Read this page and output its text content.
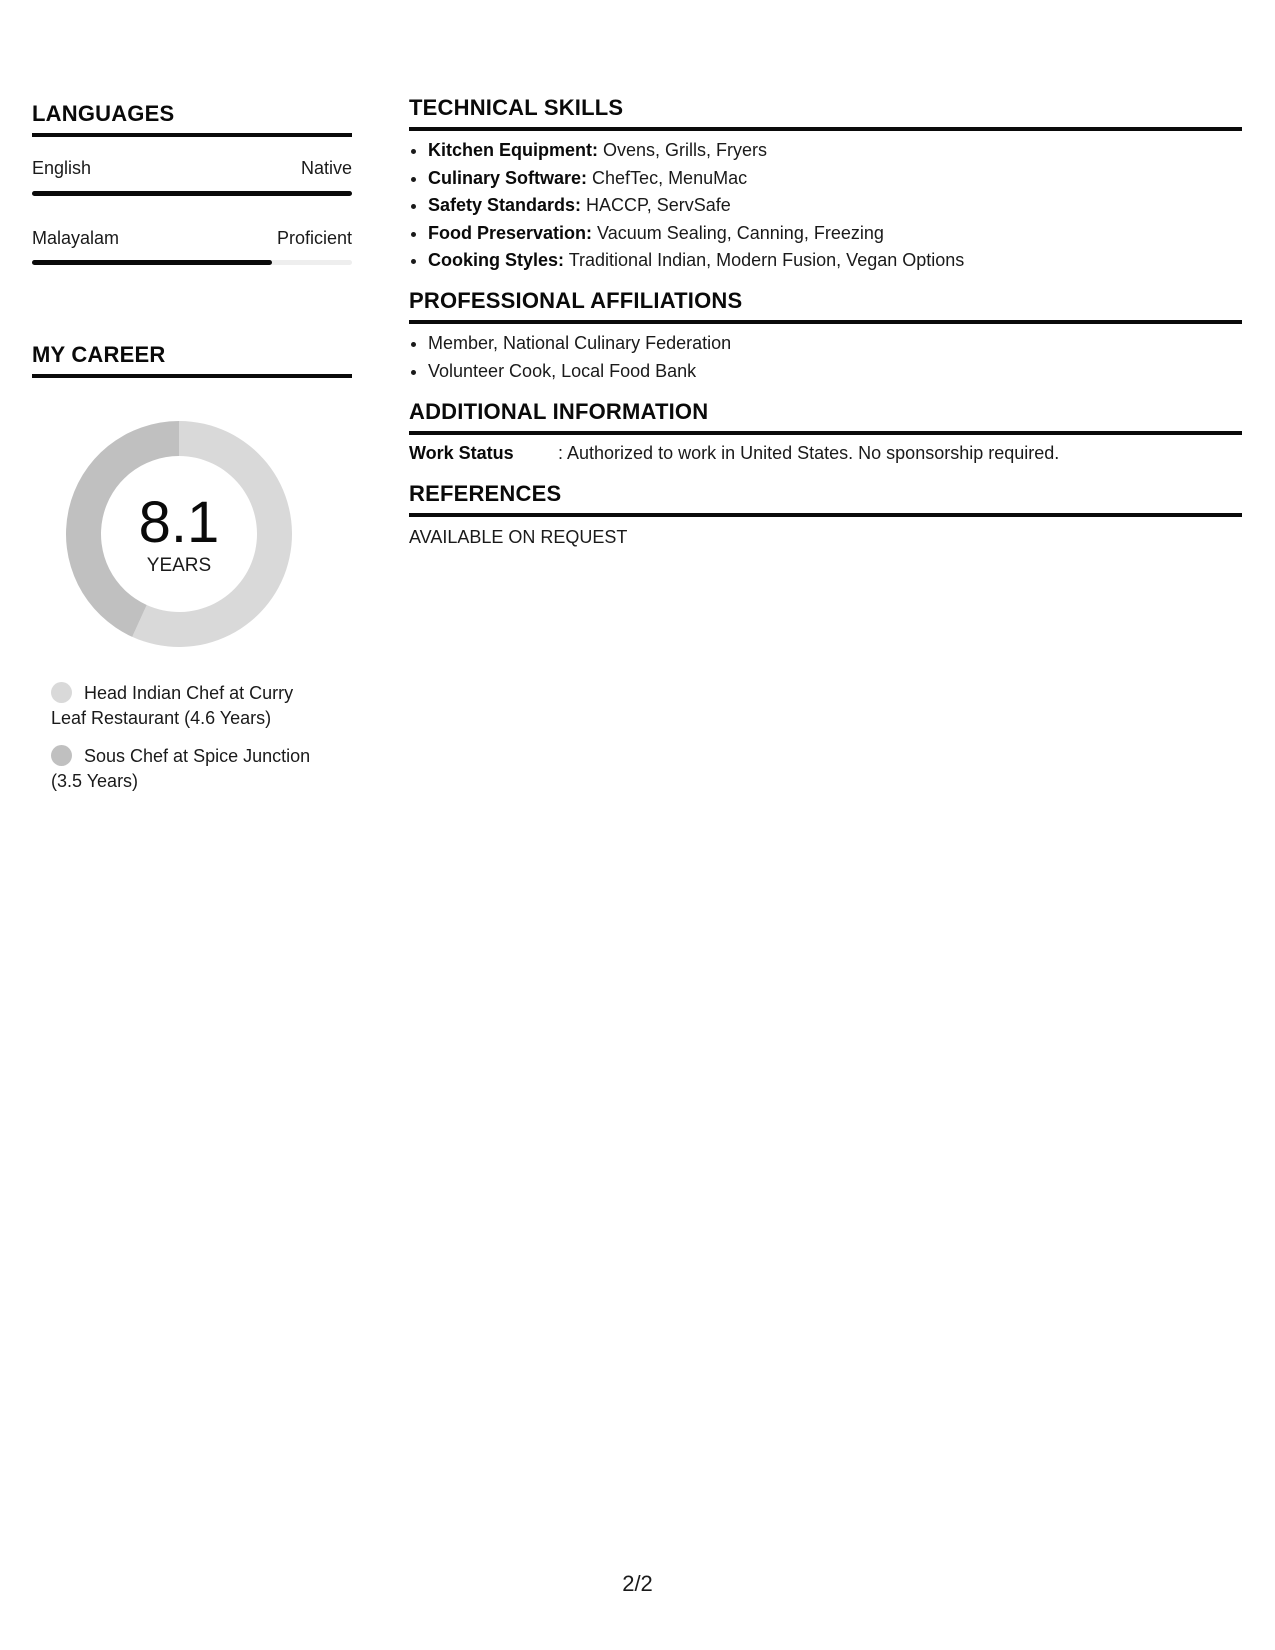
LANGUAGES
English	Native
Malayalam	Proficient
MY CAREER
8.1
YEARS
Head Indian Chef at Curry Leaf Restaurant (4.6 Years)
Sous Chef at Spice Junction (3.5 Years)
TECHNICAL SKILLS
• Kitchen Equipment: Ovens, Grills, Fryers
• Culinary Software: ChefTec, MenuMac
• Safety Standards: HACCP, ServSafe
• Food Preservation: Vacuum Sealing, Canning, Freezing
• Cooking Styles: Traditional Indian, Modern Fusion, Vegan Options
PROFESSIONAL AFFILIATIONS
• Member, National Culinary Federation
• Volunteer Cook, Local Food Bank
ADDITIONAL INFORMATION
Work Status : Authorized to work in United States. No sponsorship required.
REFERENCES
AVAILABLE ON REQUEST
2/2
